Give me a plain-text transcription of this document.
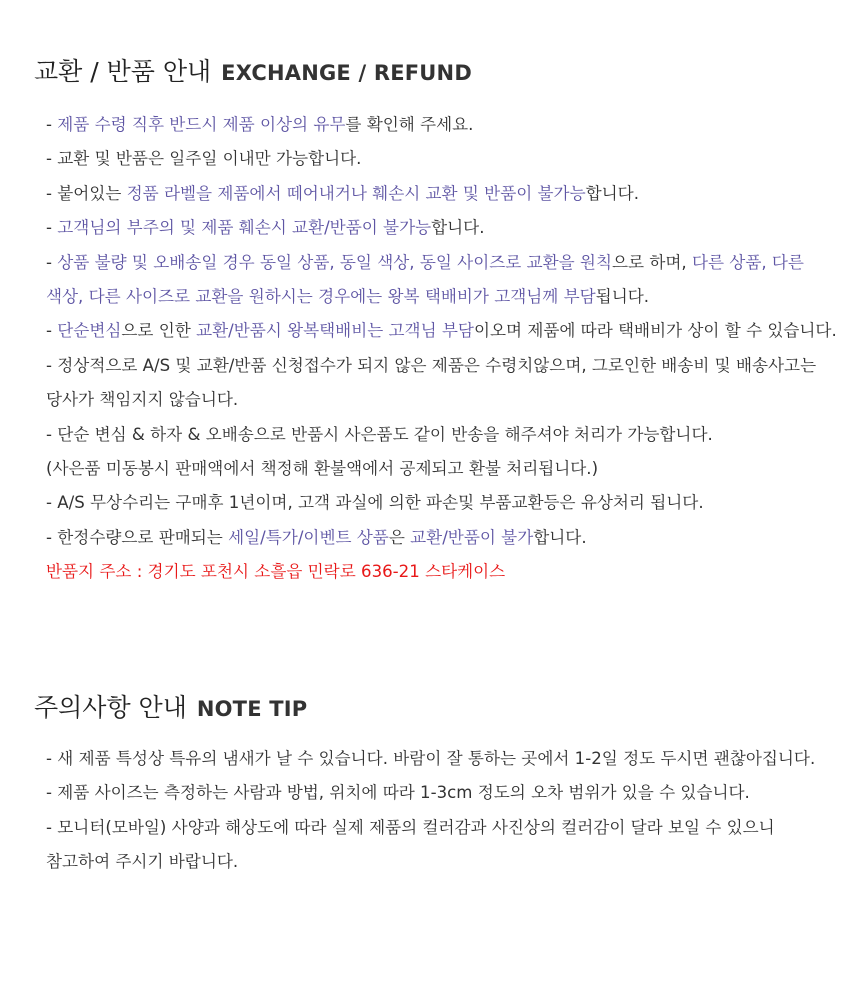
교환 / 반품 안내 EXCHANGE / REFUND
- 제품 수령 직후 반드시 제품 이상의 유무를 확인해 주세요.
- 교환 및 반품은 일주일 이내만 가능합니다.
- 붙어있는 정품 라벨을 제품에서 떼어내거나 훼손시 교환 및 반품이 불가능합니다.
- 고객님의 부주의 및 제품 훼손시 교환/반품이 불가능합니다.
- 상품 불량 및 오배송일 경우 동일 상품, 동일 색상, 동일 사이즈로 교환을 원칙으로 하며, 다른 상품, 다른 색상, 다른 사이즈로 교환을 원하시는 경우에는 왕복 택배비가 고객님께 부담됩니다.
- 단순변심으로 인한 교환/반품시 왕복택배비는 고객님 부담이오며 제품에 따라 택배비가 상이 할 수 있습니다.
- 정상적으로 A/S 및 교환/반품 신청접수가 되지 않은 제품은 수령치않으며, 그로인한 배송비 및 배송사고는 당사가 책임지지 않습니다.
- 단순 변심 & 하자 & 오배송으로 반품시 사은품도 같이 반송을 해주셔야 처리가 가능합니다.
(사은품 미동봉시 판매액에서 책정해 환불액에서 공제되고 환불 처리됩니다.)
- A/S 무상수리는 구매후 1년이며, 고객 과실에 의한 파손및 부품교환등은 유상처리 됩니다.
- 한정수량으로 판매되는 세일/특가/이벤트 상품은 교환/반품이 불가합니다.
반품지 주소 : 경기도 포천시 소흘읍 민락로 636-21 스타케이스
주의사항 안내 NOTE TIP
- 새 제품 특성상 특유의 냄새가 날 수 있습니다. 바람이 잘 통하는 곳에서 1-2일 정도 두시면 괜찮아집니다.
- 제품 사이즈는 측정하는 사람과 방법, 위치에 따라 1-3cm 정도의 오차 범위가 있을 수 있습니다.
- 모니터(모바일) 사양과 해상도에 따라 실제 제품의 컬러감과 사진상의 컬러감이 달라 보일 수 있으니 참고하여 주시기 바랍니다.
